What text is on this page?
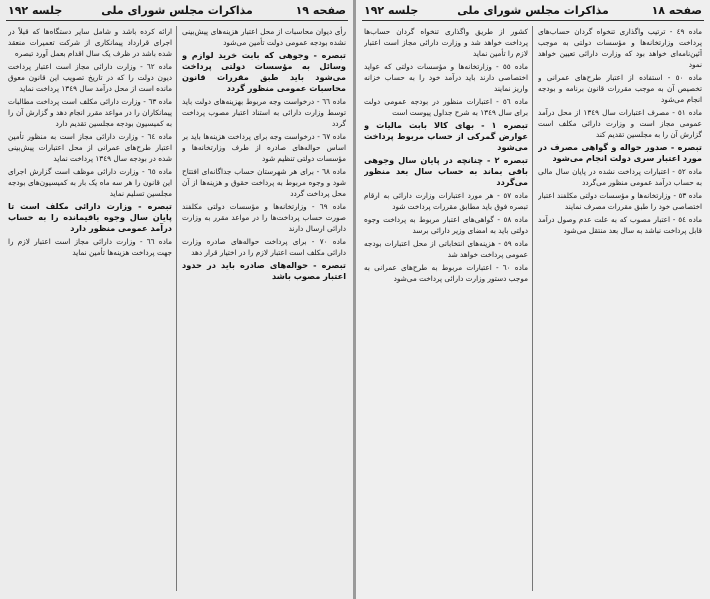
صفحه ١٩
مذاکرات مجلس شورای ملی
جلسه ١٩٢

رأی دیوان محاسبات از محل اعتبار هزینه‌های پیش‌بینی نشده بودجه عمومی دولت تأمین می‌شود

تبصره - وجوهی که بابت خرید لوازم و وسائل به مؤسسات دولتی پرداخت می‌شود باید طبق مقررات قانون محاسبات عمومی منظور گردد

ماده ٦٦ - درخواست وجه مربوط بهزینه‌های دولت باید توسط وزارت دارائی به استناد اعتبار مصوب پرداخت گردد

ماده ٦٧ - درخواست وجه برای پرداخت هزینه‌ها باید بر اساس حواله‌های صادره از طرف وزارتخانه‌ها و مؤسسات دولتی تنظیم شود

ماده ٦٨ - برای هر شهرستان حساب جداگانه‌ای افتتاح شود و وجوه مربوط به پرداخت حقوق و هزینه‌ها از آن محل پرداخت گردد

ماده ٦٩ - وزارتخانه‌ها و مؤسسات دولتی مکلفند صورت حساب پرداخت‌ها را در مواعد مقرر به وزارت دارائی ارسال دارند

ماده ٧٠ - برای پرداخت حواله‌های صادره وزارت دارائی مکلف است اعتبار لازم را در اختیار قرار دهد

تبصره - حواله‌های صادره باید در حدود اعتبار مصوب باشد

ارائه کرده باشد و شامل سایر دستگاه‌ها که قبلاً در اجرای قرارداد پیمانکاری از شرکت تعمیرات منعقد شده باشد در ظرف یک سال اقدام بعمل آورد تبصره

ماده ٦٢ - وزارت دارائی مجاز است اعتبار پرداخت دیون دولت را که در تاریخ تصویب این قانون معوق مانده است از محل درآمد سال ١٣٤٩ پرداخت نماید

ماده ٦٣ - وزارت دارائی مکلف است پرداخت مطالبات پیمانکاران را در مواعد مقرر انجام دهد و گزارش آن را به کمیسیون بودجه مجلسین تقدیم دارد

ماده ٦٤ - وزارت دارائی مجاز است به منظور تأمین اعتبار طرح‌های عمرانی از محل اعتبارات پیش‌بینی شده در بودجه سال ١٣٤٩ پرداخت نماید

ماده ٦٥ - وزارت دارائی موظف است گزارش اجرای این قانون را هر سه ماه یک بار به کمیسیون‌های بودجه مجلسین تسلیم نماید

تبصره - وزارت دارائی مکلف است تا پایان سال وجوه باقیمانده را به حساب درآمد عمومی منظور دارد

ماده ٦٦ - وزارت دارائی مجاز است اعتبار لازم را جهت پرداخت هزینه‌ها تأمین نماید

صفحه ١٨
مذاکرات مجلس شورای ملی
جلسه ١٩٢

ماده ٤٩ - ترتیب واگذاری تنخواه گردان حساب‌های پرداخت وزارتخانه‌ها و مؤسسات دولتی به موجب آئین‌نامه‌ای خواهد بود که وزارت دارائی تعیین خواهد نمود

ماده ٥٠ - استفاده از اعتبار طرح‌های عمرانی و تخصیص آن به موجب مقررات قانون برنامه و بودجه انجام می‌شود

ماده ٥١ - مصرف اعتبارات سال ١٣٤٩ از محل درآمد عمومی مجاز است و وزارت دارائی مکلف است گزارش آن را به مجلسین تقدیم کند

تبصره - صدور حواله و گواهی مصرف در مورد اعتبار سری دولت انجام می‌شود

ماده ٥٢ - اعتبارات پرداخت نشده در پایان سال مالی به حساب درآمد عمومی منظور می‌گردد

ماده ٥٣ - وزارتخانه‌ها و مؤسسات دولتی مکلفند اعتبار اختصاصی خود را طبق مقررات مصرف نمایند

ماده ٥٤ - اعتبار مصوب که به علت عدم وصول درآمد قابل پرداخت نباشد به سال بعد منتقل می‌شود

کشور از طریق واگذاری تنخواه گردان حساب‌ها پرداخت خواهد شد و وزارت دارائی مجاز است اعتبار لازم را تأمین نماید

ماده ٥٥ - وزارتخانه‌ها و مؤسسات دولتی که عواید اختصاصی دارند باید درآمد خود را به حساب خزانه واریز نمایند

ماده ٥٦ - اعتبارات منظور در بودجه عمومی دولت برای سال ١٣٤٩ به شرح جداول پیوست است

تبصره ١ - بهای کالا بابت مالیات و عوارض گمرکی از حساب مربوط پرداخت می‌شود

تبصره ٢ - چنانچه در پایان سال وجوهی باقی بماند به حساب سال بعد منظور می‌گردد

ماده ٥٧ - هر مورد اعتبارات وزارت دارائی به ارقام تبصره فوق باید مطابق مقررات پرداخت شود

ماده ٥٨ - گواهی‌های اعتبار مربوط به پرداخت وجوه دولتی باید به امضای وزیر دارائی برسد

ماده ٥٩ - هزینه‌های انتخاباتی از محل اعتبارات بودجه عمومی پرداخت خواهد شد

ماده ٦٠ - اعتبارات مربوط به طرح‌های عمرانی به موجب دستور وزارت دارائی پرداخت می‌شود
